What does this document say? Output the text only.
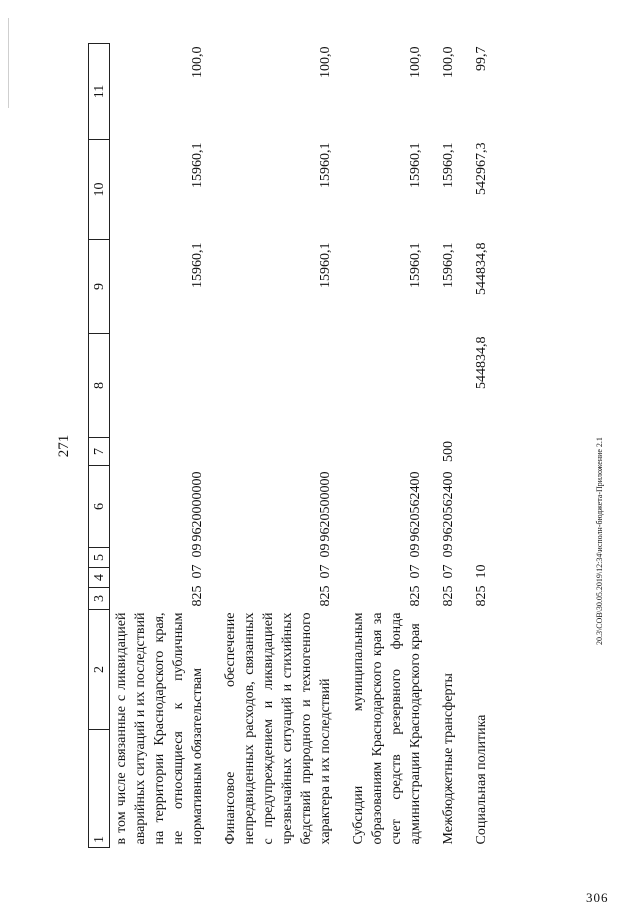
271	20.3\СОВ\30.05.2019\12:34\исполн-бюджета-Приложение 2.1
306
1	2	3	4	5	6	7	8	9	10	11
в том числе связанные с ликвидацией аварийных ситуаций и их последствий на территории Краснодарского края, не относящиеся к публичным нормативным обязательствам		825  07  09			9620000000			15960,1	15960,1	100,0
Финансовое обеспечение непредвиденных расходов, связанных с предупреждением и ликвидацией чрезвычайных ситуаций и стихийных бедствий природного и техногенного характера и их последствий		825  07  09			9620500000			15960,1	15960,1	100,0
Субсидии муниципальным образованиям Краснодарского края за счет средств резервного фонда администрации Краснодарского края		825  07  09			9620562400			15960,1	15960,1	100,0
Межбюджетные трансферты		825  07  09			9620562400	500		15960,1	15960,1	100,0
Социальная политика		825  10					544834,8	544834,8	542967,3	99,7
